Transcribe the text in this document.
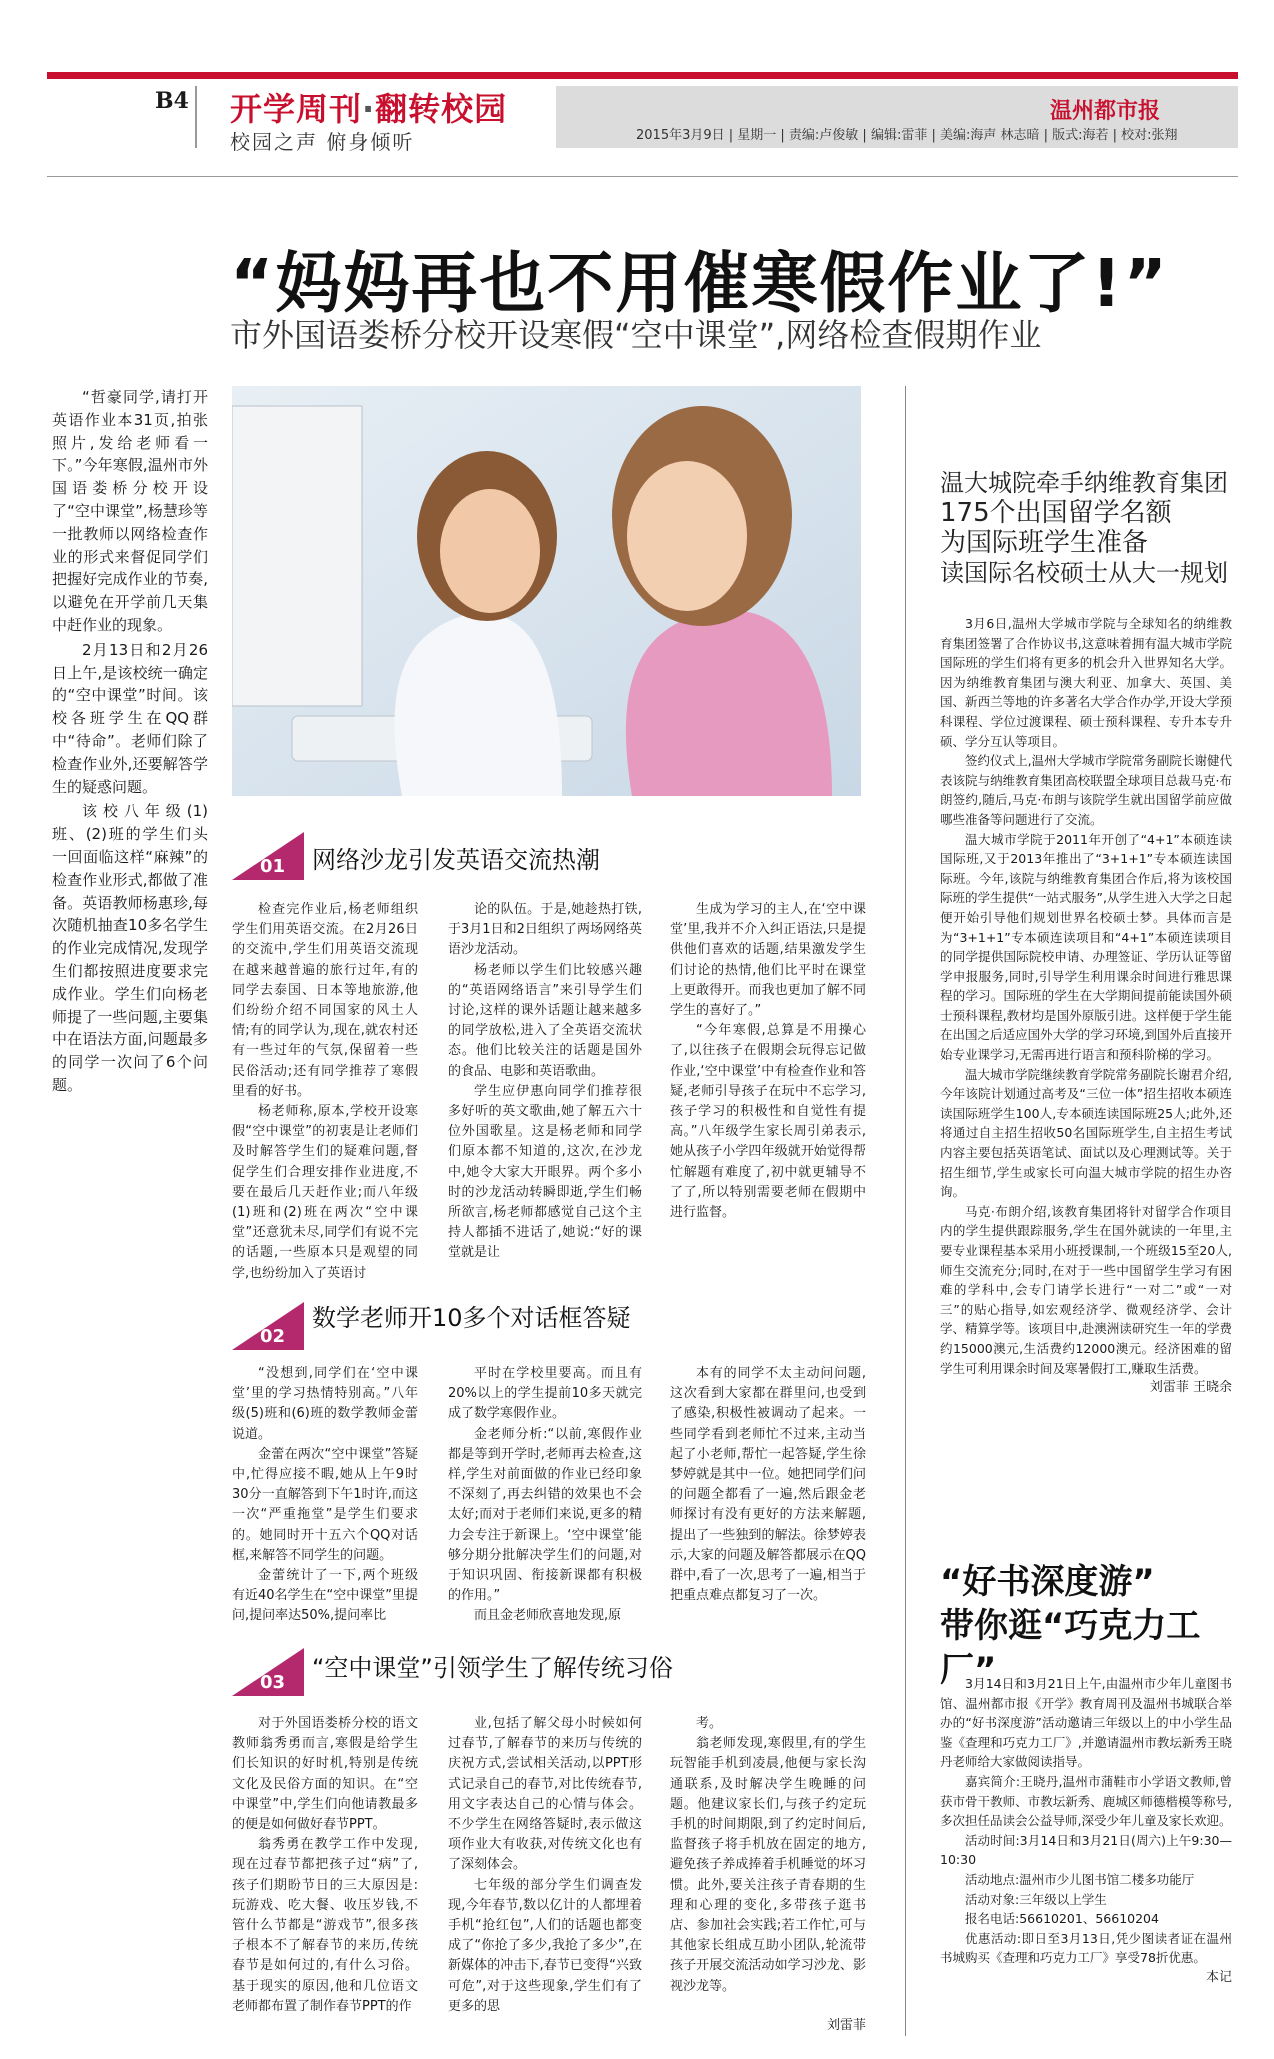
B4 开学周刊·翻转校园
校园之声 俯身倾听
温州都市报
2015年3月9日 | 星期一 | 责编:卢俊敏 | 编辑:雷菲 | 美编:海声 林志暗 | 版式:海若 | 校对:张翔
“妈妈再也不用催寒假作业了!”
市外国语娄桥分校开设寒假“空中课堂”,网络检查假期作业

“哲豪同学,请打开英语作业本31页,拍张照片,发给老师看一下。”今年寒假,温州市外国语娄桥分校开设了“空中课堂”,杨慧珍等一批教师以网络检查作业的形式来督促同学们把握好完成作业的节奏,以避免在开学前几天集中赶作业的现象。

2月13日和2月26日上午,是该校统一确定的“空中课堂”时间。该校各班学生在QQ群中“待命”。老师们除了检查作业外,还要解答学生的疑惑问题。

该校八年级(1)班、(2)班的学生们头一回面临这样“麻辣”的检查作业形式,都做了准备。英语教师杨惠珍,每次随机抽查10多名学生的作业完成情况,发现学生们都按照进度要求完成作业。学生们向杨老师提了一些问题,主要集中在语法方面,问题最多的同学一次问了6个问题。

01 网络沙龙引发英语交流热潮

检查完作业后,杨老师组织学生们用英语交流。在2月26日的交流中,学生们用英语交流现在越来越普遍的旅行过年,有的同学去泰国、日本等地旅游,他们纷纷介绍不同国家的风土人情;有的同学认为,现在,就农村还有一些过年的气氛,保留着一些民俗活动;还有同学推荐了寒假里看的好书。

杨老师称,原本,学校开设寒假“空中课堂”的初衷是让老师们及时解答学生们的疑难问题,督促学生们合理安排作业进度,不要在最后几天赶作业;而八年级(1)班和(2)班在两次“空中课堂”还意犹未尽,同学们有说不完的话题,一些原本只是观望的同学,也纷纷加入了英语讨

论的队伍。于是,她趁热打铁,于3月1日和2日组织了两场网络英语沙龙活动。

杨老师以学生们比较感兴趣的“英语网络语言”来引导学生们讨论,这样的课外话题让越来越多的同学放松,进入了全英语交流状态。他们比较关注的话题是国外的食品、电影和英语歌曲。

学生应伊惠向同学们推荐很多好听的英文歌曲,她了解五六十位外国歌星。这是杨老师和同学们原本都不知道的,这次,在沙龙中,她令大家大开眼界。两个多小时的沙龙活动转瞬即逝,学生们畅所欲言,杨老师都感觉自己这个主持人都插不进话了,她说:“好的课堂就是让

生成为学习的主人,在‘空中课堂’里,我并不介入纠正语法,只是提供他们喜欢的话题,结果激发学生们讨论的热情,他们比平时在课堂上更敢得开。而我也更加了解不同学生的喜好了。”

“今年寒假,总算是不用操心了,以往孩子在假期会玩得忘记做作业,‘空中课堂’中有检查作业和答疑,老师引导孩子在玩中不忘学习,孩子学习的积极性和自觉性有提高。”八年级学生家长周引弟表示,她从孩子小学四年级就开始觉得帮忙解题有难度了,初中就更辅导不了了,所以特别需要老师在假期中进行监督。

02
数学老师开10多个对话框答疑

“没想到,同学们在‘空中课堂’里的学习热情特别高。”八年级(5)班和(6)班的数学教师金蕾说道。

金蕾在两次“空中课堂”答疑中,忙得应接不暇,她从上午9时30分一直解答到下午1时许,而这一次“严重拖堂”是学生们要求的。她同时开十五六个QQ对话框,来解答不同学生的问题。

金蕾统计了一下,两个班级有近40名学生在“空中课堂”里提问,提问率达50%,提问率比

平时在学校里要高。而且有20%以上的学生提前10多天就完成了数学寒假作业。

金老师分析:“以前,寒假作业都是等到开学时,老师再去检查,这样,学生对前面做的作业已经印象不深刻了,再去纠错的效果也不会太好;而对于老师们来说,更多的精力会专注于新课上。‘空中课堂’能够分期分批解决学生们的问题,对于知识巩固、衔接新课都有积极的作用。”

而且金老师欣喜地发现,原

本有的同学不太主动问问题,这次看到大家都在群里问,也受到了感染,积极性被调动了起来。一些同学看到老师忙不过来,主动当起了小老师,帮忙一起答疑,学生徐梦婷就是其中一位。她把同学们问的问题全都看了一遍,然后跟金老师探讨有没有更好的方法来解题,提出了一些独到的解法。徐梦婷表示,大家的问题及解答都展示在QQ群中,看了一次,思考了一遍,相当于把重点难点都复习了一次。

03
“空中课堂”引领学生了解传统习俗

对于外国语娄桥分校的语文教师翁秀勇而言,寒假是给学生们长知识的好时机,特别是传统文化及民俗方面的知识。在“空中课堂”中,学生们向他请教最多的便是如何做好春节PPT。

翁秀勇在教学工作中发现,现在过春节都把孩子过“病”了,孩子们期盼节日的三大原因是:玩游戏、吃大餐、收压岁钱,不管什么节都是“游戏节”,很多孩子根本不了解春节的来历,传统春节是如何过的,有什么习俗。基于现实的原因,他和几位语文老师都布置了制作春节PPT的作

业,包括了解父母小时候如何过春节,了解春节的来历与传统的庆祝方式,尝试相关活动,以PPT形式记录自己的春节,对比传统春节,用文字表达自己的心情与体会。不少学生在网络答疑时,表示做这项作业大有收获,对传统文化也有了深刻体会。

七年级的部分学生们调查发现,今年春节,数以亿计的人都埋着手机“抢红包”,人们的话题也都变成了“你抢了多少,我抢了多少”,在新媒体的冲击下,春节已变得“兴致可危”,对于这些现象,学生们有了更多的思

考。

翁老师发现,寒假里,有的学生玩智能手机到凌晨,他便与家长沟通联系,及时解决学生晚睡的问题。他建议家长们,与孩子约定玩手机的时间期限,到了约定时间后,监督孩子将手机放在固定的地方,避免孩子养成捧着手机睡觉的坏习惯。此外,要关注孩子青春期的生理和心理的变化,多带孩子逛书店、参加社会实践;若工作忙,可与其他家长组成互助小团队,轮流带孩子开展交流活动如学习沙龙、影视沙龙等。

刘雷菲
温大城院牵手纳维教育集团
175个出国留学名额
为国际班学生准备
读国际名校硕士从大一规划

3月6日,温州大学城市学院与全球知名的纳维教育集团签署了合作协议书,这意味着拥有温大城市学院国际班的学生们将有更多的机会升入世界知名大学。因为纳维教育集团与澳大利亚、加拿大、英国、美国、新西兰等地的许多著名大学合作办学,开设大学预科课程、学位过渡课程、硕士预科课程、专升本专升硕、学分互认等项目。

签约仪式上,温州大学城市学院常务副院长谢健代表该院与纳维教育集团高校联盟全球项目总裁马克·布朗签约,随后,马克·布朗与该院学生就出国留学前应做哪些准备等问题进行了交流。

温大城市学院于2011年开创了“4+1”本硕连读国际班,又于2013年推出了“3+1+1”专本硕连读国际班。今年,该院与纳维教育集团合作后,将为该校国际班的学生提供“一站式服务”,从学生进入大学之日起便开始引导他们规划世界名校硕士梦。具体而言是为“3+1+1”专本硕连读项目和“4+1”本硕连读项目的同学提供国际院校申请、办理签证、学历认证等留学申报服务,同时,引导学生利用课余时间进行雅思课程的学习。国际班的学生在大学期间提前能读国外硕士预科课程,教材均是国外原版引进。这样便于学生能在出国之后适应国外大学的学习环境,到国外后直接开始专业课学习,无需再进行语言和预科阶梯的学习。

温大城市学院继续教育学院常务副院长谢君介绍,今年该院计划通过高考及“三位一体”招生招收本硕连读国际班学生100人,专本硕连读国际班25人;此外,还将通过自主招生招收50名国际班学生,自主招生考试内容主要包括英语笔试、面试以及心理测试等。关于招生细节,学生或家长可向温大城市学院的招生办咨询。

马克·布朗介绍,该教育集团将针对留学合作项目内的学生提供跟踪服务,学生在国外就读的一年里,主要专业课程基本采用小班授课制,一个班级15至20人,师生交流充分;同时,在对于一些中国留学生学习有困难的学科中,会专门请学长进行“一对二”或“一对三”的贴心指导,如宏观经济学、微观经济学、会计学、精算学等。该项目中,赴澳洲读研究生一年的学费约15000澳元,生活费约12000澳元。经济困难的留学生可利用课余时间及寒暑假打工,赚取生活费。

刘雷菲 王晓余
“好书深度游”
带你逛“巧克力工厂”

3月14日和3月21日上午,由温州市少年儿童图书馆、温州都市报《开学》教育周刊及温州书城联合举办的“好书深度游”活动邀请三年级以上的中小学生品鉴《查理和巧克力工厂》,并邀请温州市教坛新秀王晓丹老师给大家做阅读指导。

嘉宾简介:王晓丹,温州市蒲鞋市小学语文教师,曾获市骨干教师、市教坛新秀、鹿城区师德楷模等称号,多次担任品读会公益导师,深受少年儿童及家长欢迎。

活动时间:3月14日和3月21日(周六)上午9:30—10:30

活动地点:温州市少儿图书馆二楼多功能厅

活动对象:三年级以上学生

报名电话:56610201、56610204

优惠活动:即日至3月13日,凭少图读者证在温州书城购买《查理和巧克力工厂》享受78折优惠。

本记
